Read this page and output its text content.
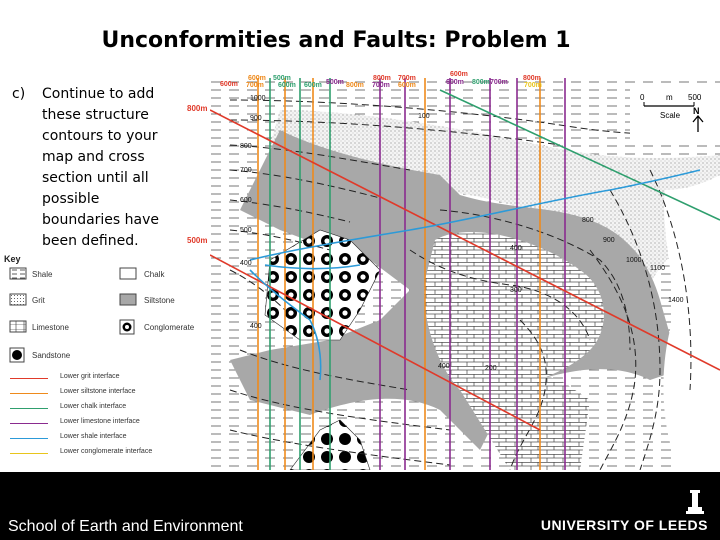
Unconformities and Faults: Problem 1
c) Continue to add
these structure
contours to your
map and cross
section until all
possible
boundaries have
been defined.
Key
Shale	Chalk
Grit	Siltstone
Limestone	Conglomerate
Sandstone
Lower grit interface
Lower siltstone interface
Lower chalk interface
Lower limestone interface
Lower shale interface
Lower conglomerate interface
800m
500m
0	m 500
Scale N
1000
900
800
700
600
500
400
100
400
300
400
400	200
800
900
1000
1100
1400
600m
600m
700m
500m
600m 600m 500m 800m
800m
700m
700m
600m	600m
600m
800m 700m
800m
700m
School of Earth and Environment	UNIVERSITY OF LEEDS
